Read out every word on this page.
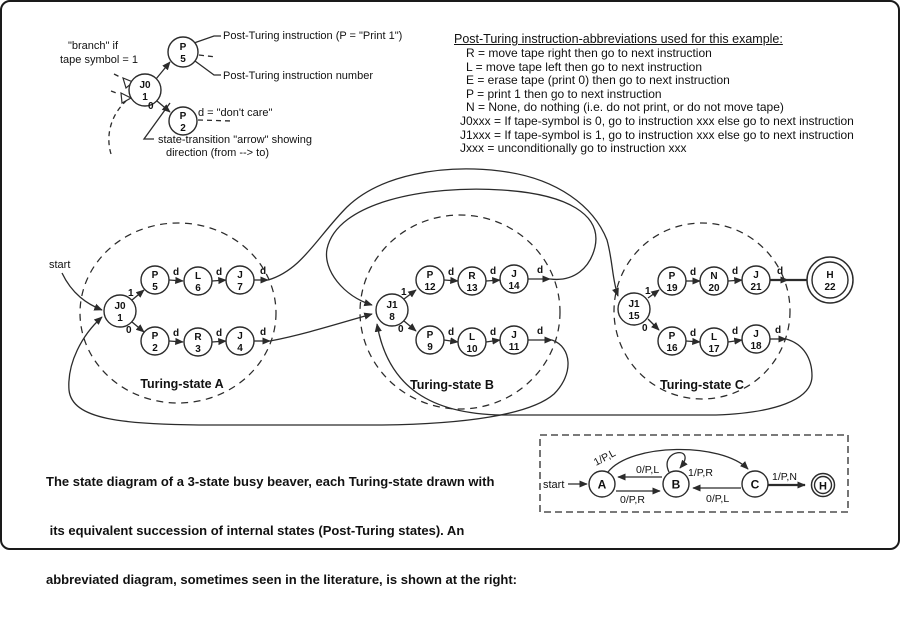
Turing-state A	Turing-state B	Turing-state C
J0
1
P
5
L
6
J
7
P
2
R
3
J
4
J1
8
P
12
R
13
J
14
P
9
L
10
J
11
J1
15
P
19
N
20
J
21
P
16
L
17
J
18
H
22
P
5
J0
1
P
2
A	B	C	H
"branch" if
tape symbol = 1
Post-Turing instruction (P = "Print 1")
Post-Turing instruction number
d = "don't care"
state-transition "arrow" showing
direction (from --> to)
0
start
d	d	d
d	d	d
d	d	d
d	d	d
d	d	d
d	d	d
1
0
1
0
1
0
start
1/P,L
0/P,L
0/P,R
1/P,R
0/P,L
1/P,N
Post-Turing instruction-abbreviations used for this example:
R = move tape right then go to next instruction
L = move tape left then go to next instruction
E = erase tape (print 0) then go to next instruction
P = print 1 then go to next instruction
N = None, do nothing (i.e. do not print, or do not move tape)
J0xxx = If tape-symbol is 0, go to instruction xxx else go to next instruction
J1xxx = If tape-symbol is 1, go to instruction xxx else go to next instruction
Jxxx = unconditionally go to instruction xxx

The state diagram of a 3-state busy beaver, each Turing-state drawn with

its equivalent succession of internal states (Post-Turing states). An

abbreviated diagram, sometimes seen in the literature, is shown at the right:
